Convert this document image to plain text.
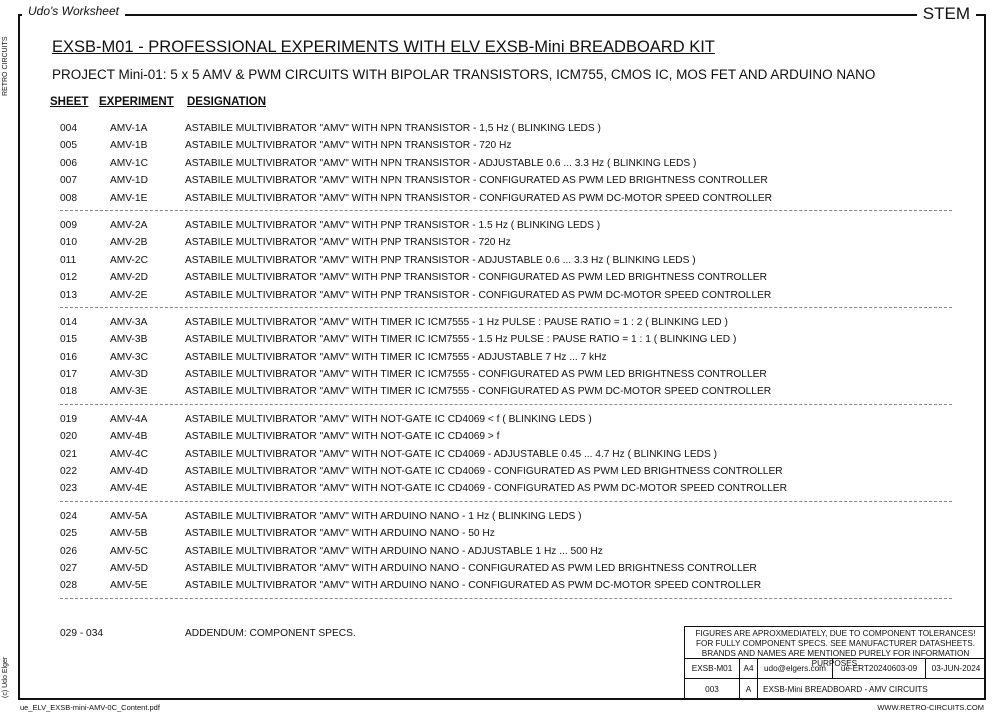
Udo's Worksheet	STEM
RETRO CIRCUITS
(c) Udo Elger
EXSB-M01 - PROFESSIONAL EXPERIMENTS WITH ELV EXSB-Mini BREADBOARD KIT
PROJECT Mini-01: 5 x 5 AMV & PWM CIRCUITS WITH BIPOLAR TRANSISTORS, ICM755, CMOS IC, MOS FET AND ARDUINO NANO
SHEET EXPERIMENT DESIGNATION
004	AMV-1A	ASTABILE MULTIVIBRATOR "AMV" WITH NPN TRANSISTOR - 1,5 Hz ( BLINKING LEDS )
005	AMV-1B	ASTABILE MULTIVIBRATOR "AMV" WITH NPN TRANSISTOR - 720 Hz
006	AMV-1C	ASTABILE MULTIVIBRATOR "AMV" WITH NPN TRANSISTOR - ADJUSTABLE 0.6 ... 3.3 Hz ( BLINKING LEDS )
007	AMV-1D	ASTABILE MULTIVIBRATOR "AMV" WITH NPN TRANSISTOR - CONFIGURATED AS PWM LED BRIGHTNESS CONTROLLER
008	AMV-1E	ASTABILE MULTIVIBRATOR "AMV" WITH NPN TRANSISTOR - CONFIGURATED AS PWM DC-MOTOR SPEED CONTROLLER
009	AMV-2A	ASTABILE MULTIVIBRATOR "AMV" WITH PNP TRANSISTOR - 1.5 Hz ( BLINKING LEDS )
010	AMV-2B	ASTABILE MULTIVIBRATOR "AMV" WITH PNP TRANSISTOR - 720 Hz
011	AMV-2C	ASTABILE MULTIVIBRATOR "AMV" WITH PNP TRANSISTOR - ADJUSTABLE 0.6 ... 3.3 Hz ( BLINKING LEDS )
012	AMV-2D	ASTABILE MULTIVIBRATOR "AMV" WITH PNP TRANSISTOR - CONFIGURATED AS PWM LED BRIGHTNESS CONTROLLER
013	AMV-2E	ASTABILE MULTIVIBRATOR "AMV" WITH PNP TRANSISTOR - CONFIGURATED AS PWM DC-MOTOR SPEED CONTROLLER
014	AMV-3A	ASTABILE MULTIVIBRATOR "AMV" WITH TIMER IC ICM7555 - 1 Hz PULSE : PAUSE RATIO = 1 : 2 ( BLINKING LED )
015	AMV-3B	ASTABILE MULTIVIBRATOR "AMV" WITH TIMER IC ICM7555 - 1.5 Hz PULSE : PAUSE RATIO = 1 : 1 ( BLINKING LED )
016	AMV-3C	ASTABILE MULTIVIBRATOR "AMV" WITH TIMER IC ICM7555 - ADJUSTABLE 7 Hz ... 7 kHz
017	AMV-3D	ASTABILE MULTIVIBRATOR "AMV" WITH TIMER IC ICM7555 - CONFIGURATED AS PWM LED BRIGHTNESS CONTROLLER
018	AMV-3E	ASTABILE MULTIVIBRATOR "AMV" WITH TIMER IC ICM7555 - CONFIGURATED AS PWM DC-MOTOR SPEED CONTROLLER
019	AMV-4A	ASTABILE MULTIVIBRATOR "AMV" WITH NOT-GATE IC CD4069 < f ( BLINKING LEDS )
020	AMV-4B	ASTABILE MULTIVIBRATOR "AMV" WITH NOT-GATE IC CD4069 > f
021	AMV-4C	ASTABILE MULTIVIBRATOR "AMV" WITH NOT-GATE IC CD4069 - ADJUSTABLE 0.45 ... 4.7 Hz ( BLINKING LEDS )
022	AMV-4D	ASTABILE MULTIVIBRATOR "AMV" WITH NOT-GATE IC CD4069 - CONFIGURATED AS PWM LED BRIGHTNESS CONTROLLER
023	AMV-4E	ASTABILE MULTIVIBRATOR "AMV" WITH NOT-GATE IC CD4069 - CONFIGURATED AS PWM DC-MOTOR SPEED CONTROLLER
024	AMV-5A	ASTABILE MULTIVIBRATOR "AMV" WITH ARDUINO NANO - 1 Hz ( BLINKING LEDS )
025	AMV-5B	ASTABILE MULTIVIBRATOR "AMV" WITH ARDUINO NANO - 50 Hz
026	AMV-5C	ASTABILE MULTIVIBRATOR "AMV" WITH ARDUINO NANO - ADJUSTABLE 1 Hz ... 500 Hz
027	AMV-5D	ASTABILE MULTIVIBRATOR "AMV" WITH ARDUINO NANO - CONFIGURATED AS PWM LED BRIGHTNESS CONTROLLER
028	AMV-5E	ASTABILE MULTIVIBRATOR "AMV" WITH ARDUINO NANO - CONFIGURATED AS PWM DC-MOTOR SPEED CONTROLLER
029 - 034	ADDENDUM: COMPONENT SPECS.	FIGURES ARE APROXMEDIATELY, DUE TO COMPONENT TOLERANCES!
FOR FULLY COMPONENT SPECS. SEE MANUFACTURER DATASHEETS.
BRANDS AND NAMES ARE MENTIONED PURELY FOR INFORMATION PURPOSES.
EXSB-M01	A4	udo@elgers.com	ue-ERT20240603-09	03-JUN-2024
003	A	EXSB-Mini BREADBOARD - AMV CIRCUITS
ue_ELV_EXSB-mini-AMV-0C_Content.pdf	WWW.RETRO-CIRCUITS.COM
